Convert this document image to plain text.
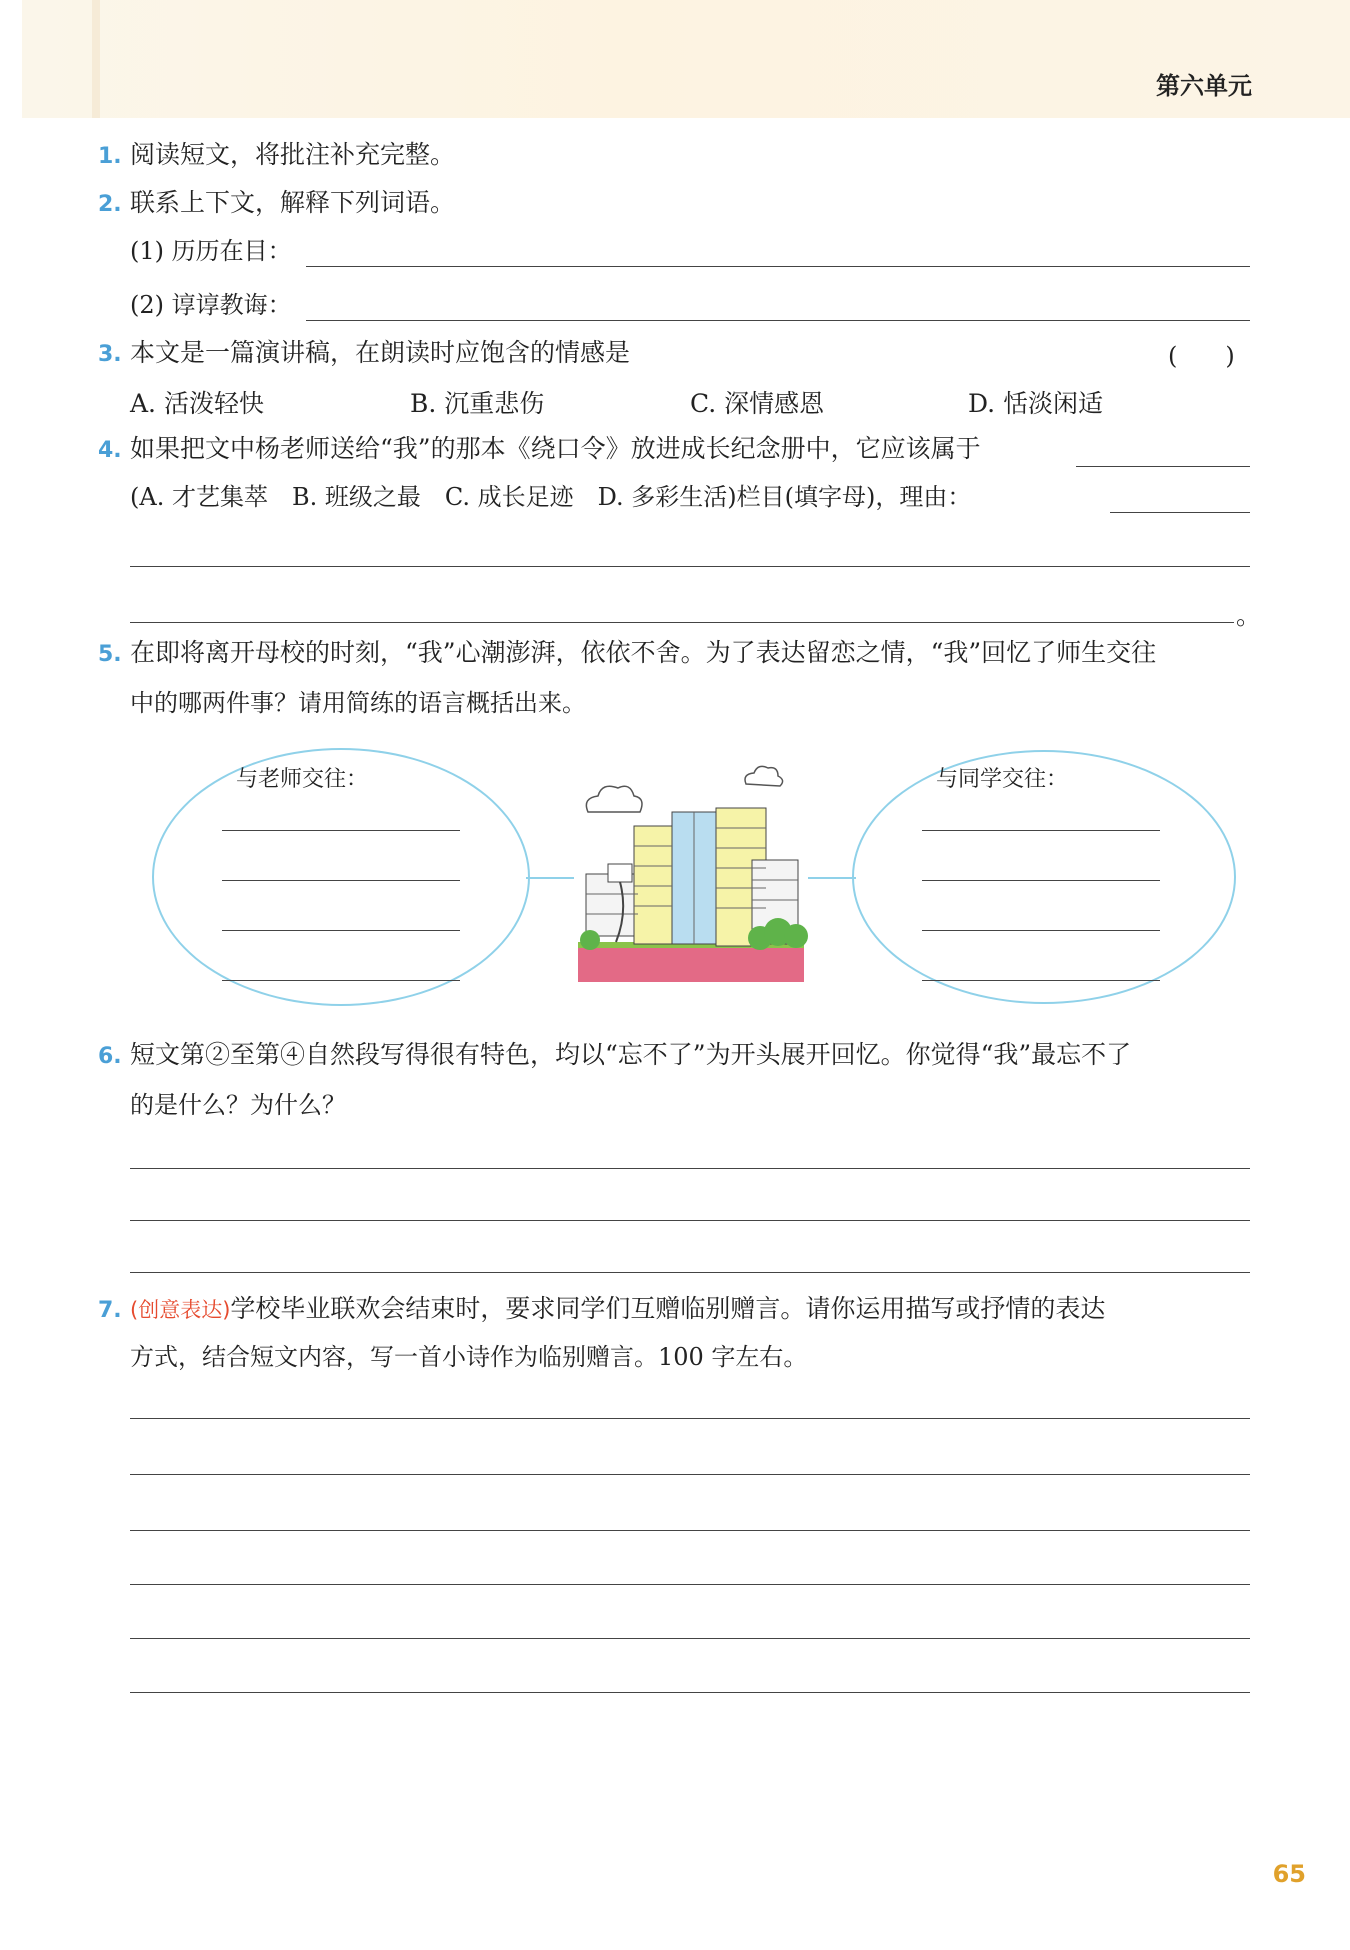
第六单元
1. 阅读短文，将批注补充完整。
2. 联系上下文，解释下列词语。
(1) 历历在目：
(2) 谆谆教诲：
3. 本文是一篇演讲稿，在朗读时应饱含的情感是	(　　)
A. 活泼轻快	B. 沉重悲伤	C. 深情感恩	D. 恬淡闲适
4. 如果把文中杨老师送给“我”的那本《绕口令》放进成长纪念册中，它应该属于
(A. 才艺集萃　B. 班级之最　C. 成长足迹　D. 多彩生活)栏目(填字母)，理由：
。
5. 在即将离开母校的时刻，“我”心潮澎湃，依依不舍。为了表达留恋之情，“我”回忆了师生交往
中的哪两件事？请用简练的语言概括出来。
与老师交往：	与同学交往：
6. 短文第②至第④自然段写得很有特色，均以“忘不了”为开头展开回忆。你觉得“我”最忘不了
的是什么？为什么？
7. (创意表达)学校毕业联欢会结束时，要求同学们互赠临别赠言。请你运用描写或抒情的表达
方式，结合短文内容，写一首小诗作为临别赠言。100 字左右。
65
